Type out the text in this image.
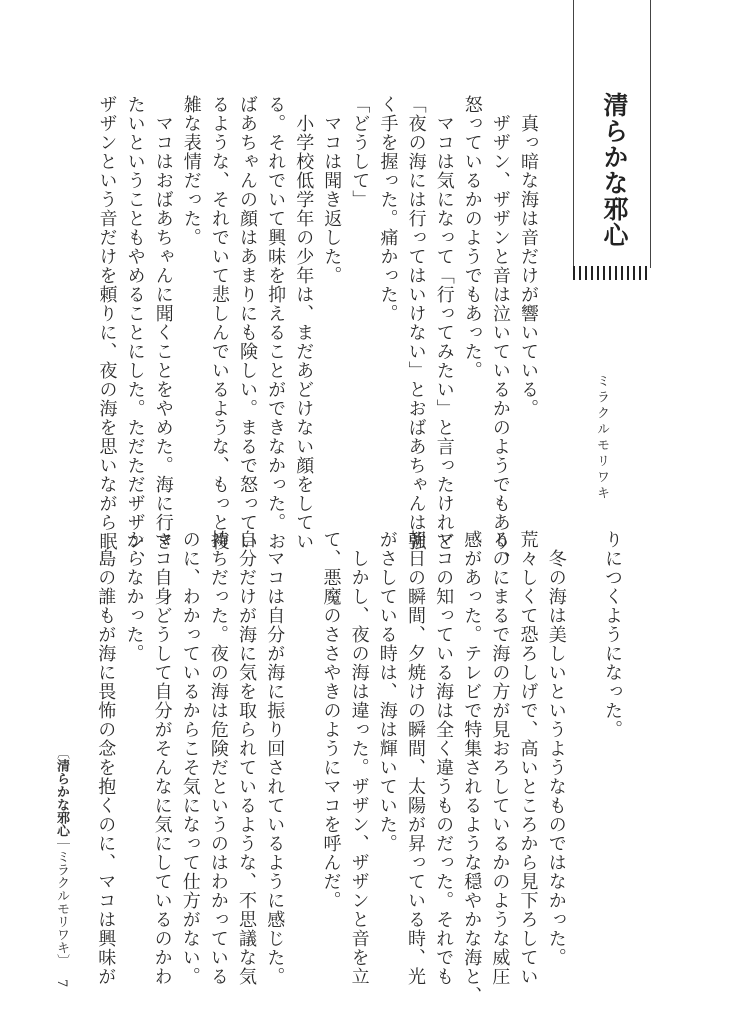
清らかな邪心
ミラクルモリワキ
　真っ暗な海は音だけが響いている。
　ザザン、ザザンと音は泣いているかのようでもあり、
怒っているかのようでもあった。
　マコは気になって「行ってみたい」と言ったけれど
「夜の海には行ってはいけない」とおばあちゃんは強
く手を握った。痛かった。
「どうして」
　マコは聞き返した。
　小学校低学年の少年は、まだあどけない顔をしてい
る。それでいて興味を抑えることができなかった。お
ばあちゃんの顔はあまりにも険しい。まるで怒ってい
るような、それでいて悲しんでいるような、もっと複
雑な表情だった。
　マコはおばあちゃんに聞くことをやめた。海に行き
たいということもやめることにした。ただただザザン、
ザザンという音だけを頼りに、夜の海を思いながら眠
りにつくようになった。
　冬の海は美しいというようなものではなかった。
荒々しくて恐ろしげで、高いところから見下ろしてい
るのにまるで海の方が見おろしているかのような威圧
感があった。テレビで特集されるような穏やかな海と、
マコの知っている海は全く違うものだった。それでも
朝日の瞬間、夕焼けの瞬間、太陽が昇っている時、光
がさしている時は、海は輝いていた。
　しかし、夜の海は違った。ザザン、ザザンと音を立
て、悪魔のささやきのようにマコを呼んだ。
　マコは自分が海に振り回されているように感じた。
自分だけが海に気を取られているような、不思議な気
持ちだった。夜の海は危険だというのはわかっている
のに、わかっているからこそ気になって仕方がない。
マコ自身どうして自分がそんなに気にしているのかわ
からなかった。
　島の誰もが海に畏怖の念を抱くのに、マコは興味が
〔清らかな邪心｜ミラクルモリワキ〕 7
